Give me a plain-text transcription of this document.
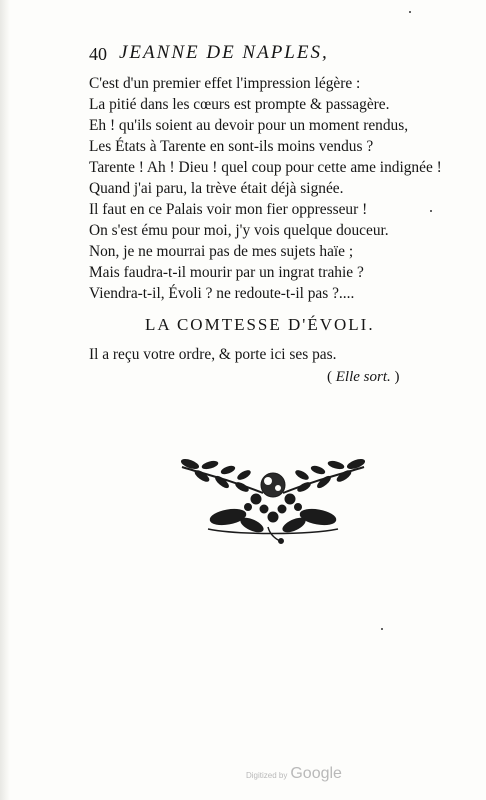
40 JEANNE DE NAPLES,
C'est d'un premier effet l'impression légère :
La pitié dans les cœurs est prompte & passagère.
Eh ! qu'ils soient au devoir pour un moment rendus,
Les États à Tarente en sont-ils moins vendus ?
Tarente ! Ah ! Dieu ! quel coup pour cette ame indignée !
Quand j'ai paru, la trève était déjà signée.
Il faut en ce Palais voir mon fier oppresseur !
On s'est ému pour moi, j'y vois quelque douceur.
Non, je ne mourrai pas de mes sujets haïe ;
Mais faudra-t-il mourir par un ingrat trahie ?
Viendra-t-il, Évoli ? ne redoute-t-il pas ?....
LA COMTESSE D'ÉVOLI.
Il a reçu votre ordre, & porte ici ses pas.
( Elle sort. )
Digitized by Google
